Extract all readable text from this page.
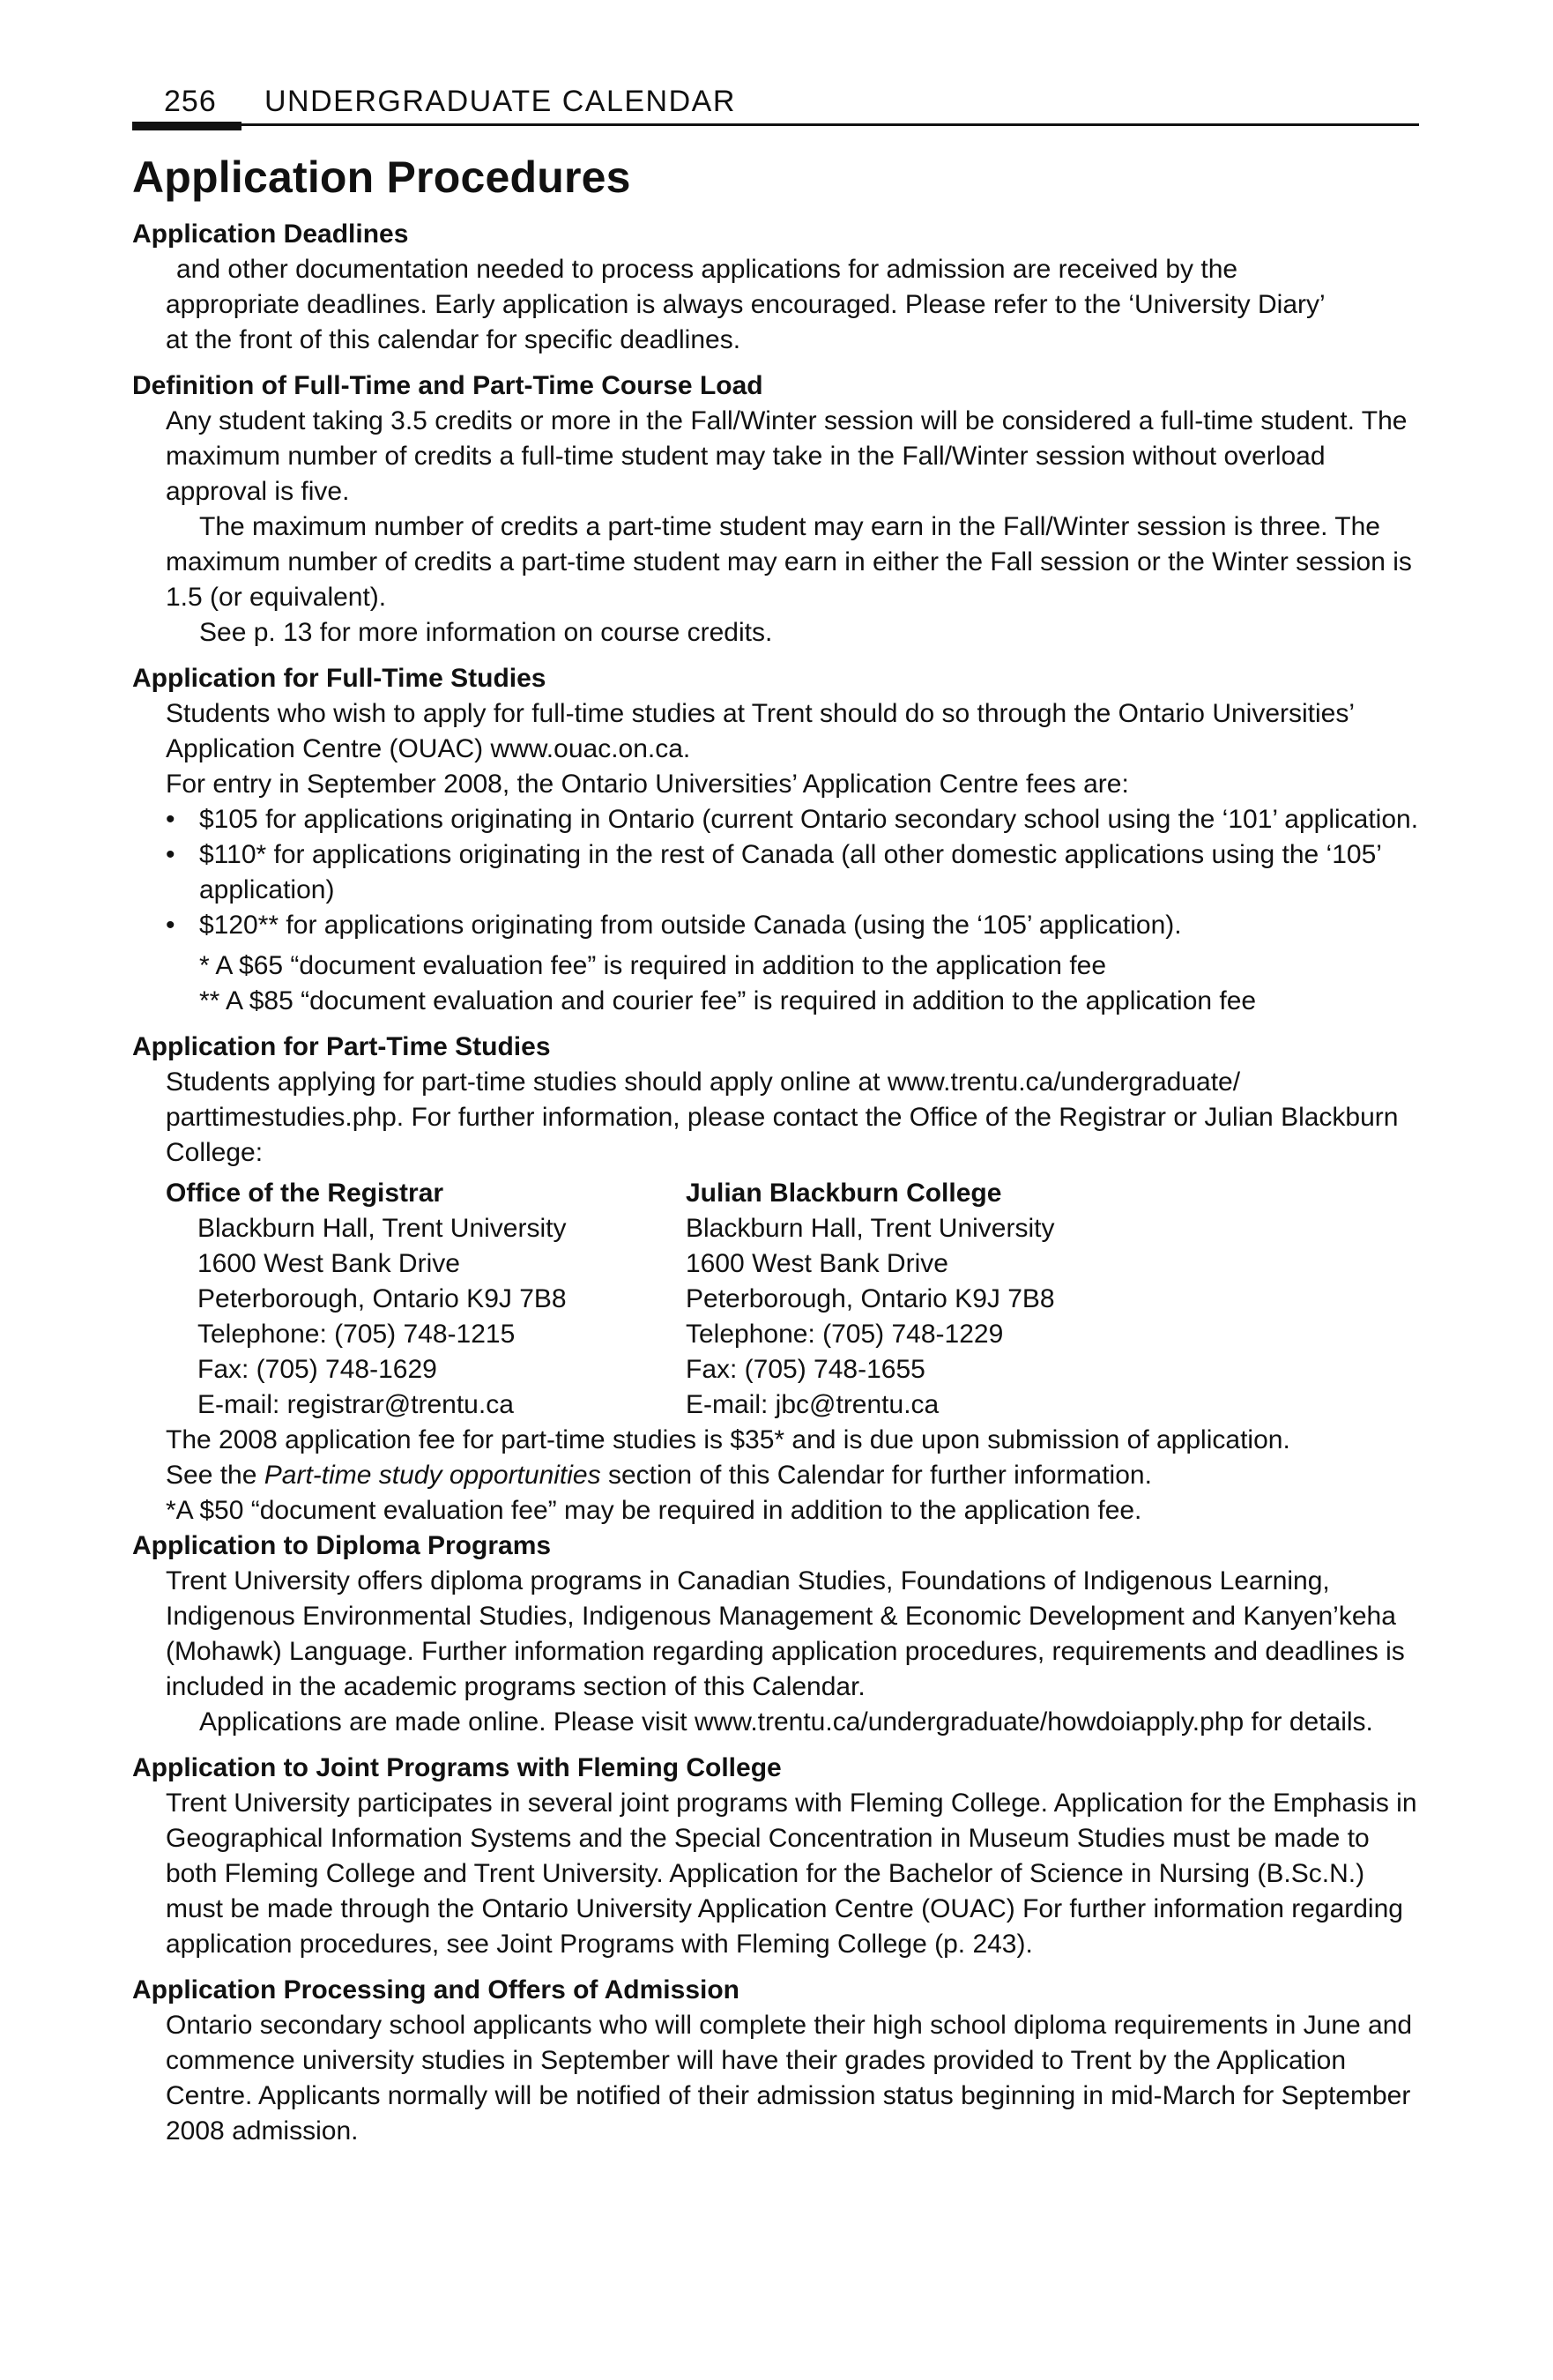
256 UNDERGRADUATE CALENDAR
Application Procedures
Application Deadlines

and other documentation needed to process applications for admission are received by the

appropriate deadlines. Early application is always encouraged. Please refer to the ‘University Diary’

at the front of this calendar for specific deadlines.

Definition of Full-Time and Part-Time Course Load

Any student taking 3.5 credits or more in the Fall/Winter session will be considered a full-time student. The maximum number of credits a full-time student may take in the Fall/Winter session without overload approval is five.

The maximum number of credits a part-time student may earn in the Fall/Winter session is three. The maximum number of credits a part-time student may earn in either the Fall session or the Winter session is 1.5 (or equivalent).

See p. 13 for more information on course credits.

Application for Full-Time Studies

Students who wish to apply for full-time studies at Trent should do so through the Ontario Universities’ Application Centre (OUAC) www.ouac.on.ca.

For entry in September 2008, the Ontario Universities’ Application Centre fees are:

• $105 for applications originating in Ontario (current Ontario secondary school using the ‘101’ application.
• $110* for applications originating in the rest of Canada (all other domestic applications using the ‘105’ application)
• $120** for applications originating from outside Canada (using the ‘105’ application).

* A $65 “document evaluation fee” is required in addition to the application fee

** A $85 “document evaluation and courier fee” is required in addition to the application fee

Application for Part-Time Studies

Students applying for part-time studies should apply online at www.trentu.ca/undergraduate/ parttimestudies.php. For further information, please contact the Office of the Registrar or Julian Blackburn College:

Office of the Registrar
Blackburn Hall, Trent University
1600 West Bank Drive
Peterborough, Ontario K9J 7B8
Telephone: (705) 748-1215
Fax: (705) 748-1629
E-mail: registrar@trentu.ca
Julian Blackburn College
Blackburn Hall, Trent University
1600 West Bank Drive
Peterborough, Ontario K9J 7B8
Telephone: (705) 748-1229
Fax: (705) 748-1655
E-mail: jbc@trentu.ca

The 2008 application fee for part-time studies is $35* and is due upon submission of application.

See the Part-time study opportunities section of this Calendar for further information.

*A $50 “document evaluation fee” may be required in addition to the application fee.

Application to Diploma Programs

Trent University offers diploma programs in Canadian Studies, Foundations of Indigenous Learning, Indigenous Environmental Studies, Indigenous Management & Economic Development and Kanyen’keha (Mohawk) Language. Further information regarding application procedures, requirements and deadlines is included in the academic programs section of this Calendar.

Applications are made online. Please visit www.trentu.ca/undergraduate/howdoiapply.php for details.

Application to Joint Programs with Fleming College

Trent University participates in several joint programs with Fleming College. Application for the Emphasis in Geographical Information Systems and the Special Concentration in Museum Studies must be made to both Fleming College and Trent University. Application for the Bachelor of Science in Nursing (B.Sc.N.) must be made through the Ontario University Application Centre (OUAC) For further information regarding application procedures, see Joint Programs with Fleming College (p. 243).

Application Processing and Offers of Admission

Ontario secondary school applicants who will complete their high school diploma requirements in June and commence university studies in September will have their grades provided to Trent by the Application Centre. Applicants normally will be notified of their admission status beginning in mid-March for September 2008 admission.
